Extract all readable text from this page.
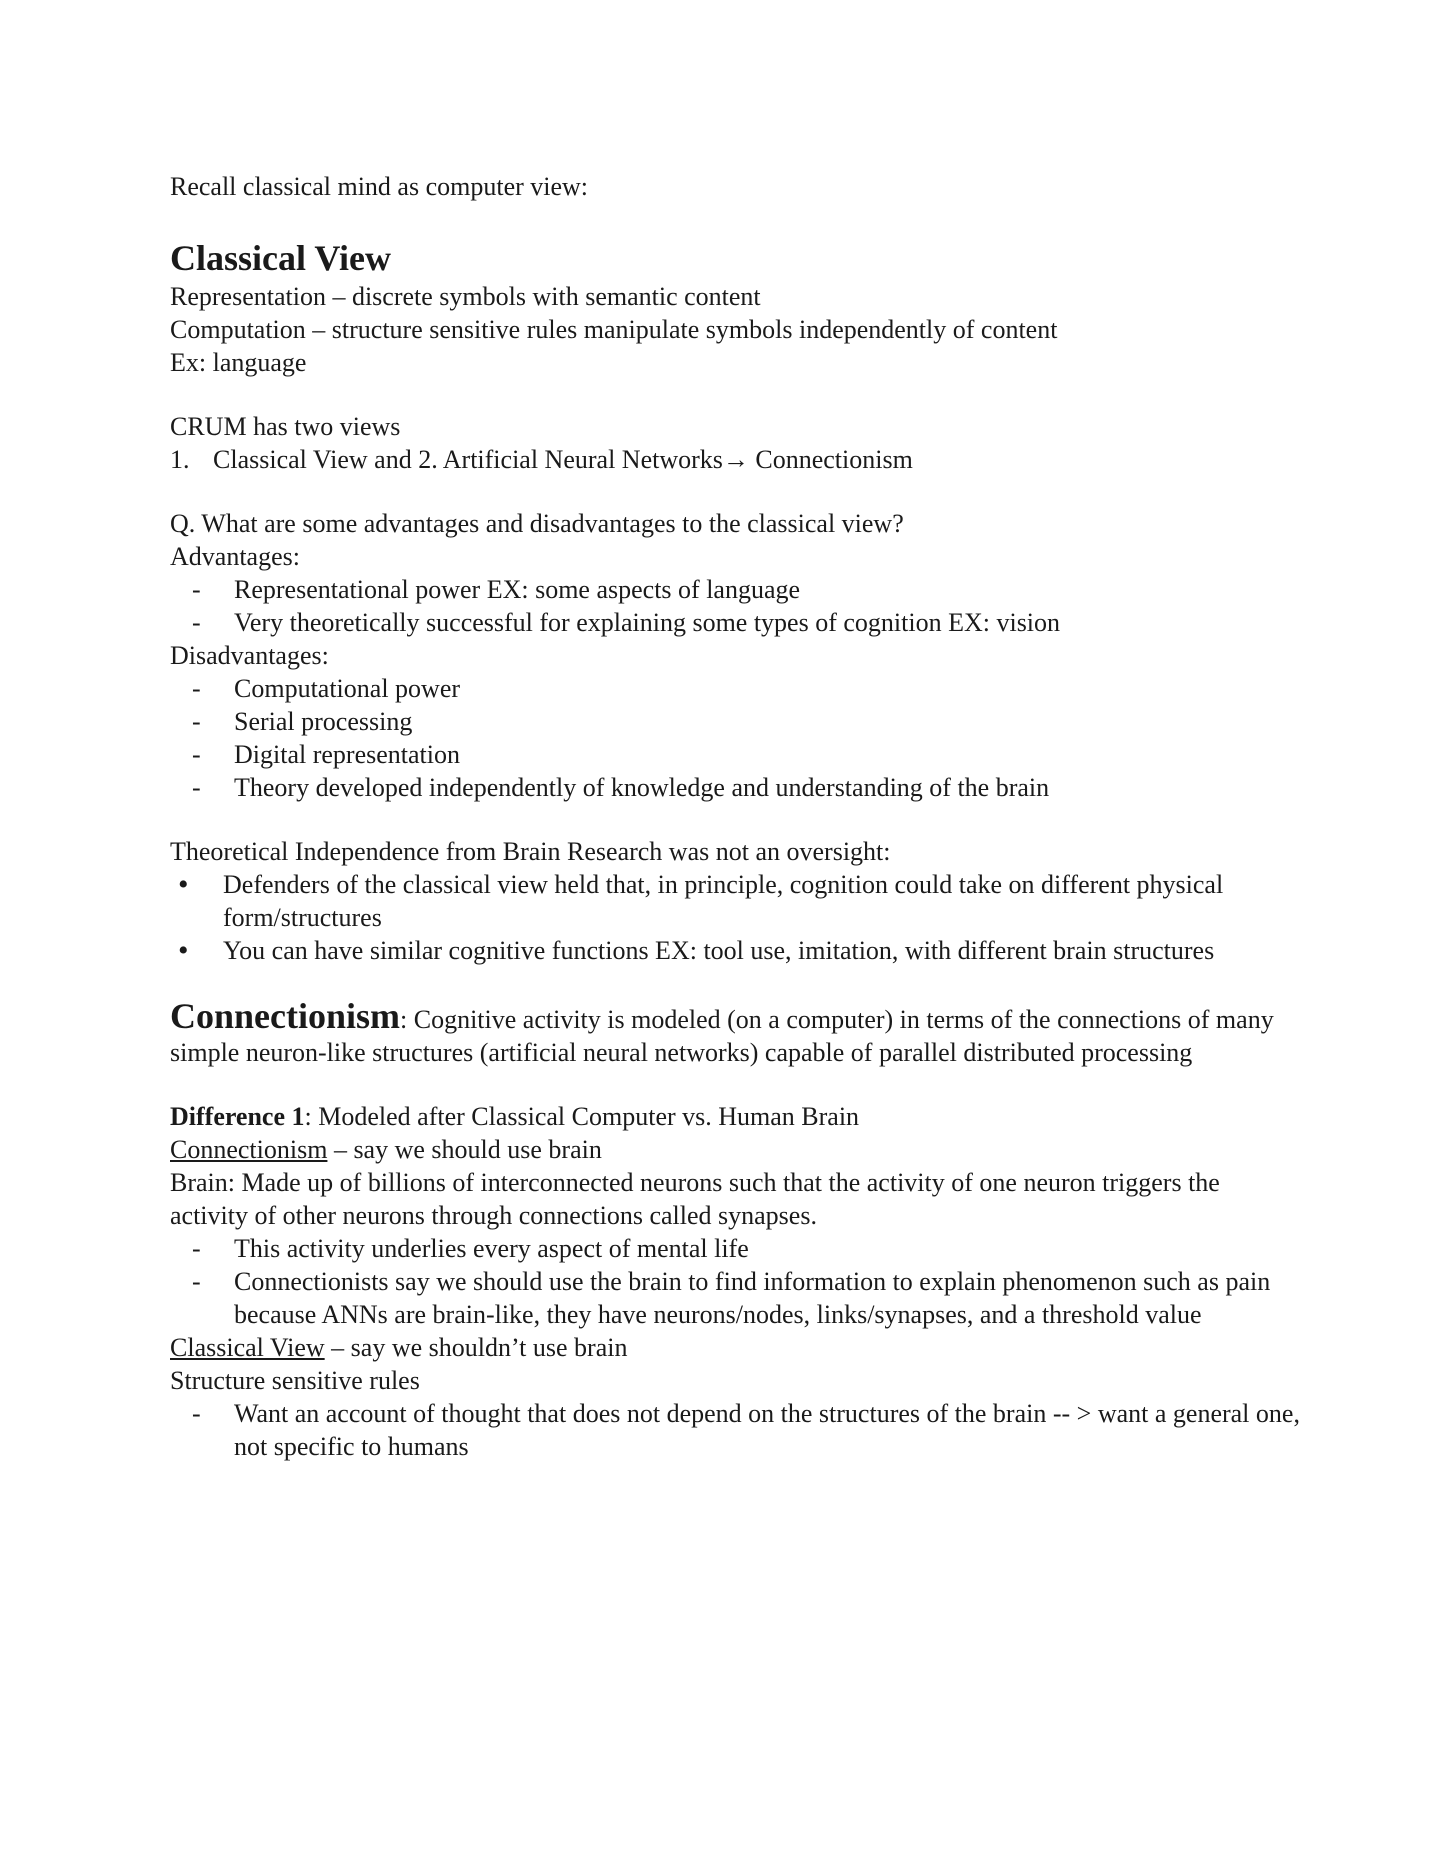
Recall classical mind as computer view:
Classical View
Representation – discrete symbols with semantic content
Computation – structure sensitive rules manipulate symbols independently of content
Ex: language
CRUM has two views
1. Classical View and 2. Artificial Neural Networks→ Connectionism
Q. What are some advantages and disadvantages to the classical view?
Advantages:
- Representational power EX: some aspects of language
- Very theoretically successful for explaining some types of cognition EX: vision
Disadvantages:
- Computational power
- Serial processing
- Digital representation
- Theory developed independently of knowledge and understanding of the brain
Theoretical Independence from Brain Research was not an oversight:
• Defenders of the classical view held that, in principle, cognition could take on different physical form/structures
• You can have similar cognitive functions EX: tool use, imitation, with different brain structures
Connectionism: Cognitive activity is modeled (on a computer) in terms of the connections of many simple neuron-like structures (artificial neural networks) capable of parallel distributed processing
Difference 1: Modeled after Classical Computer vs. Human Brain
Connectionism – say we should use brain
Brain: Made up of billions of interconnected neurons such that the activity of one neuron triggers the activity of other neurons through connections called synapses.
- This activity underlies every aspect of mental life
- Connectionists say we should use the brain to find information to explain phenomenon such as pain because ANNs are brain-like, they have neurons/nodes, links/synapses, and a threshold value
Classical View – say we shouldn’t use brain
Structure sensitive rules
- Want an account of thought that does not depend on the structures of the brain -- > want a general one, not specific to humans
